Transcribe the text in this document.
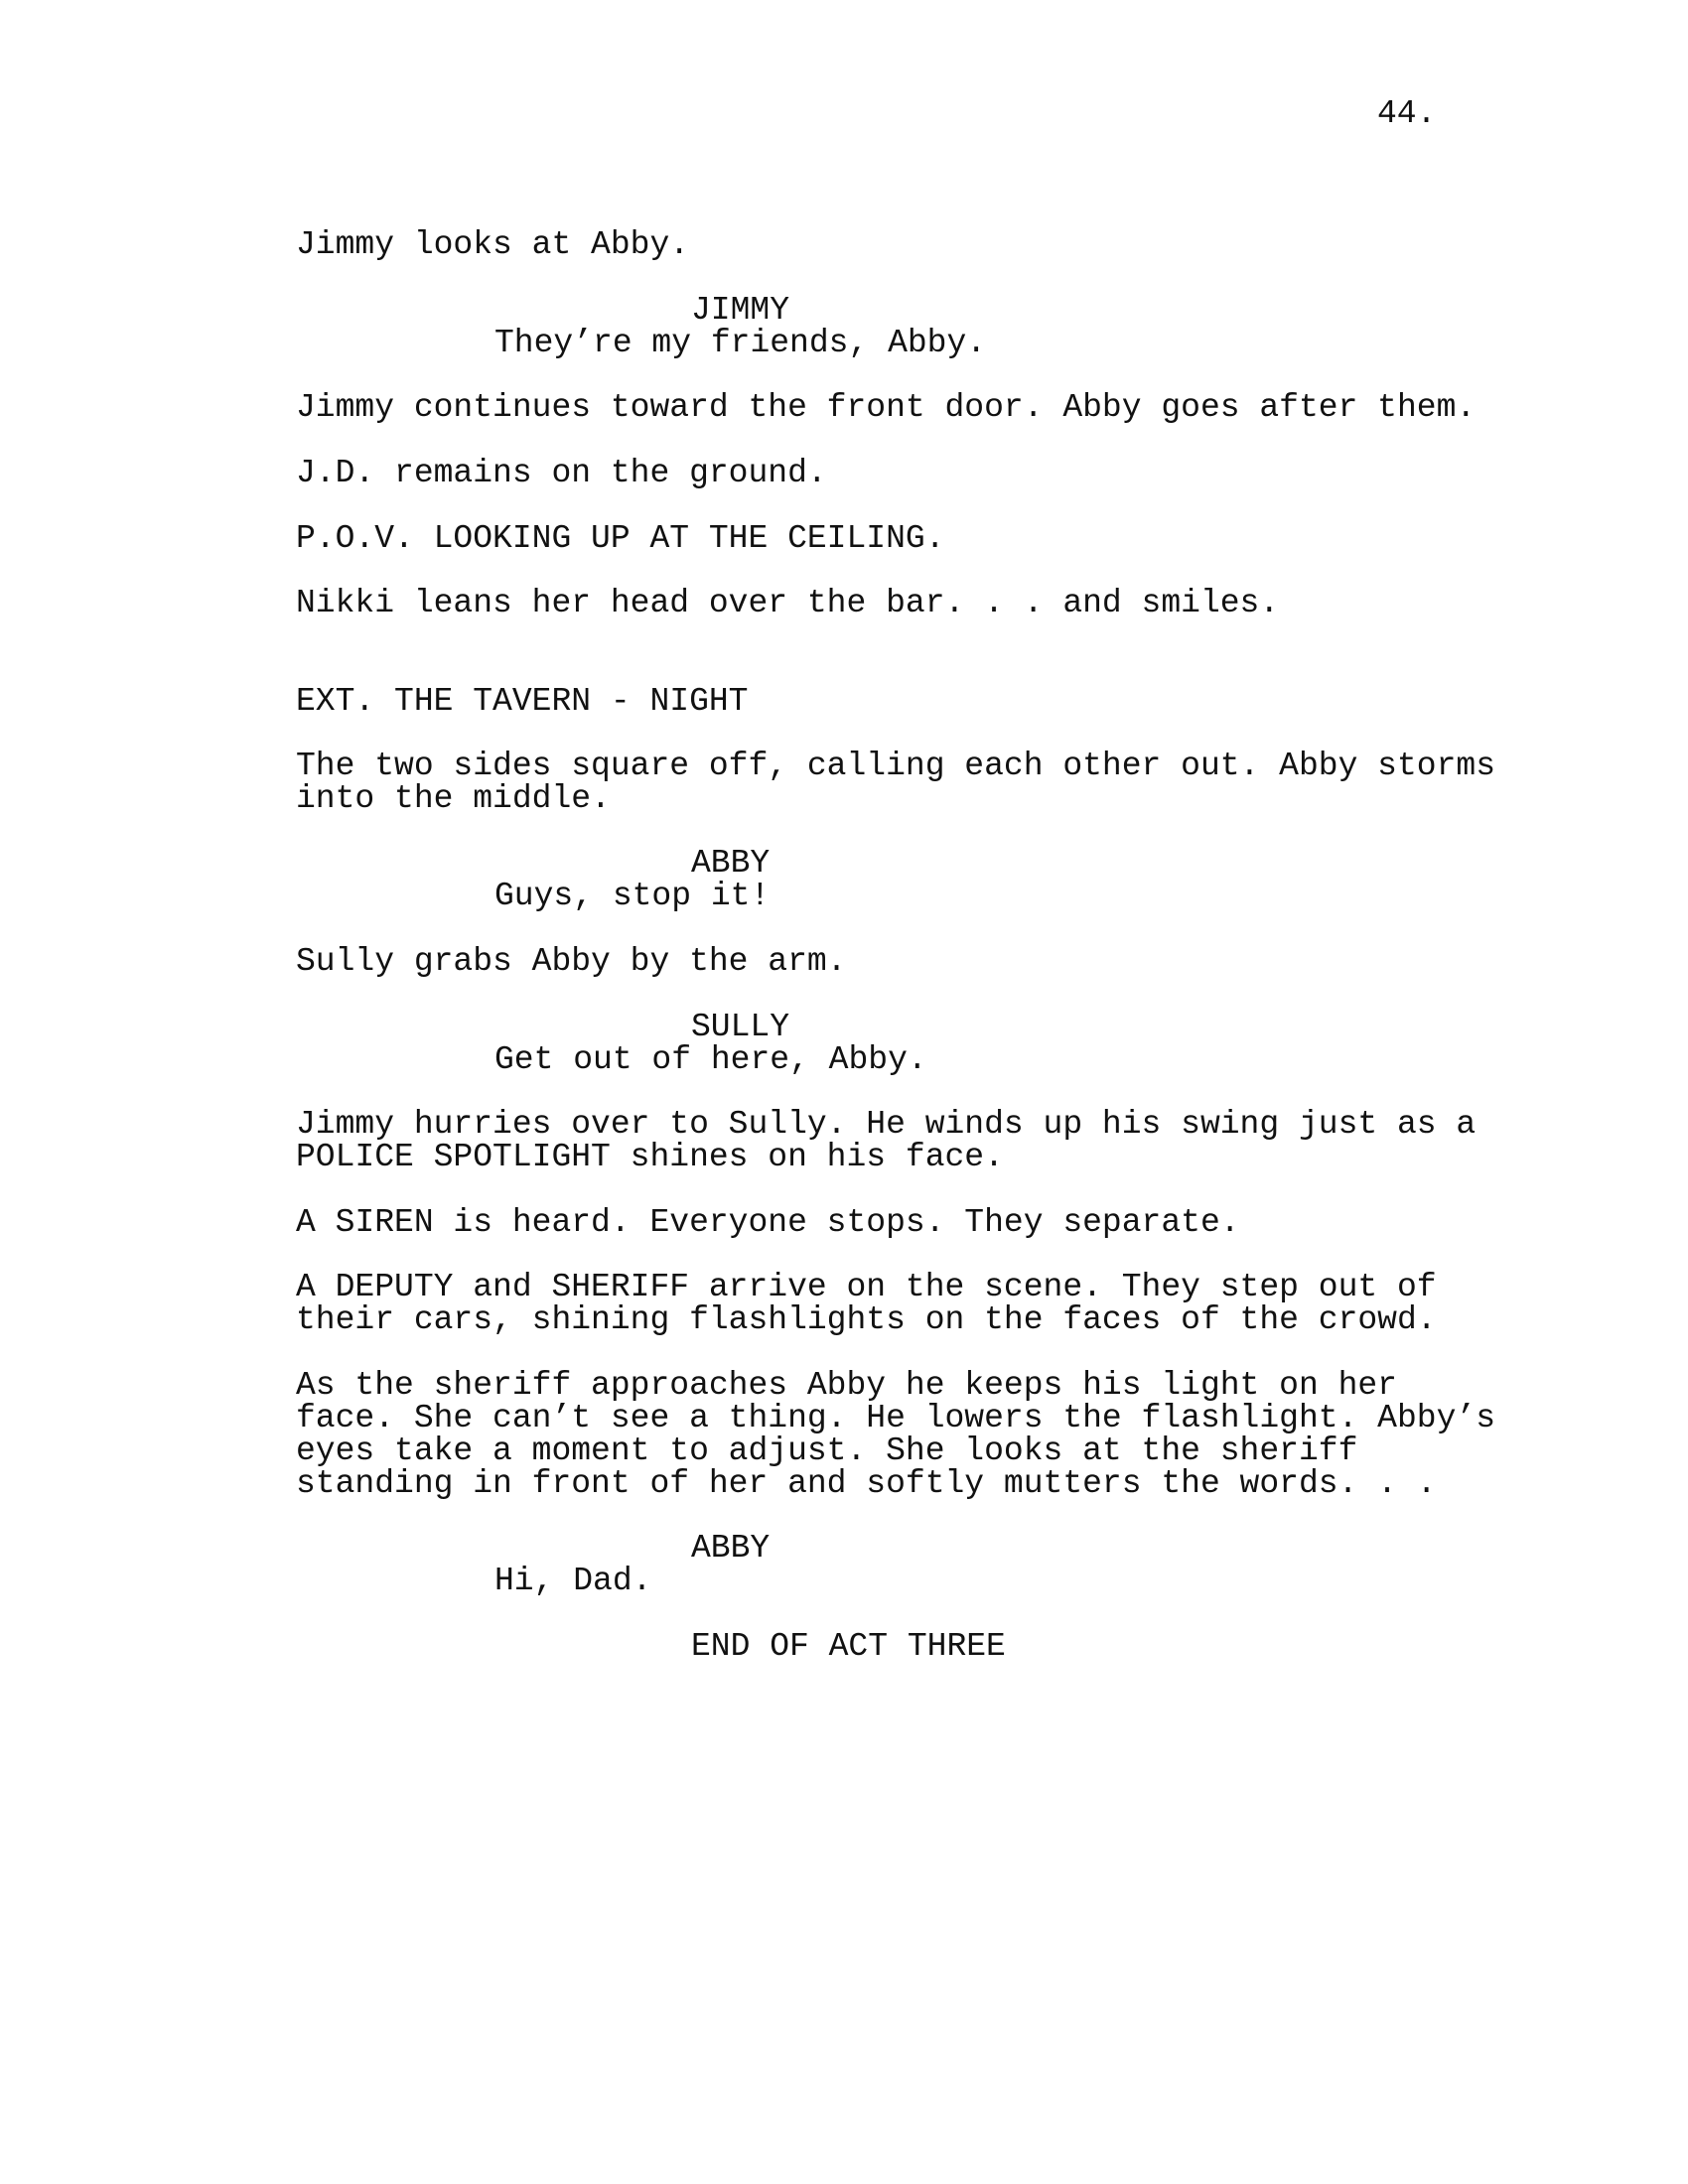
44.
Jimmy looks at Abby.
JIMMY
They’re my friends, Abby.
Jimmy continues toward the front door. Abby goes after them.
J.D. remains on the ground.
P.O.V. LOOKING UP AT THE CEILING.
Nikki leans her head over the bar. . . and smiles.
EXT. THE TAVERN - NIGHT
The two sides square off, calling each other out. Abby storms
into the middle.
ABBY
Guys, stop it!
Sully grabs Abby by the arm.
SULLY
Get out of here, Abby.
Jimmy hurries over to Sully. He winds up his swing just as a
POLICE SPOTLIGHT shines on his face.
A SIREN is heard. Everyone stops. They separate.
A DEPUTY and SHERIFF arrive on the scene. They step out of
their cars, shining flashlights on the faces of the crowd.
As the sheriff approaches Abby he keeps his light on her
face. She can’t see a thing. He lowers the flashlight. Abby’s
eyes take a moment to adjust. She looks at the sheriff
standing in front of her and softly mutters the words. . .
ABBY
Hi, Dad.
END OF ACT THREE
